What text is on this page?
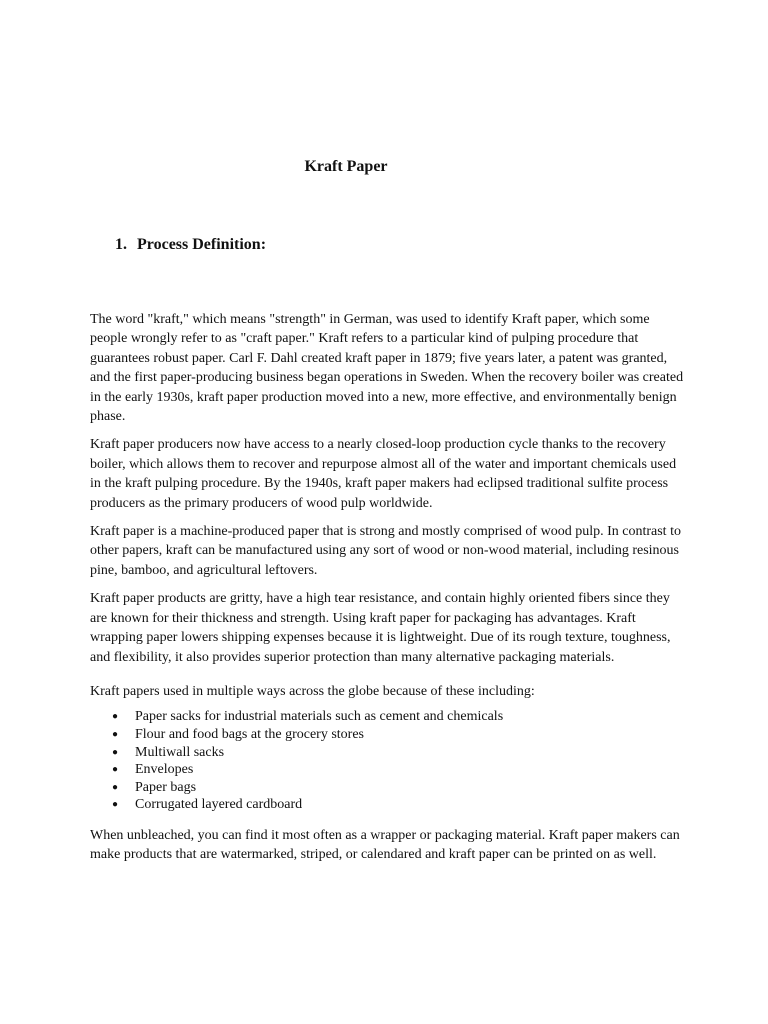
Kraft Paper
1. Process Definition:

The word "kraft," which means "strength" in German, was used to identify Kraft paper, which some people wrongly refer to as "craft paper." Kraft refers to a particular kind of pulping procedure that guarantees robust paper. Carl F. Dahl created kraft paper in 1879; five years later, a patent was granted, and the first paper-producing business began operations in Sweden. When the recovery boiler was created in the early 1930s, kraft paper production moved into a new, more effective, and environmentally benign phase.

Kraft paper producers now have access to a nearly closed-loop production cycle thanks to the recovery boiler, which allows them to recover and repurpose almost all of the water and important chemicals used in the kraft pulping procedure. By the 1940s, kraft paper makers had eclipsed traditional sulfite process producers as the primary producers of wood pulp worldwide.

Kraft paper is a machine-produced paper that is strong and mostly comprised of wood pulp. In contrast to other papers, kraft can be manufactured using any sort of wood or non-wood material, including resinous pine, bamboo, and agricultural leftovers.

Kraft paper products are gritty, have a high tear resistance, and contain highly oriented fibers since they are known for their thickness and strength. Using kraft paper for packaging has advantages. Kraft wrapping paper lowers shipping expenses because it is lightweight. Due of its rough texture, toughness, and flexibility, it also provides superior protection than many alternative packaging materials.

Kraft papers used in multiple ways across the globe because of these including:

● Paper sacks for industrial materials such as cement and chemicals
● Flour and food bags at the grocery stores
● Multiwall sacks
● Envelopes
● Paper bags
● Corrugated layered cardboard

When unbleached, you can find it most often as a wrapper or packaging material. Kraft paper makers can make products that are watermarked, striped, or calendared and kraft paper can be printed on as well.
